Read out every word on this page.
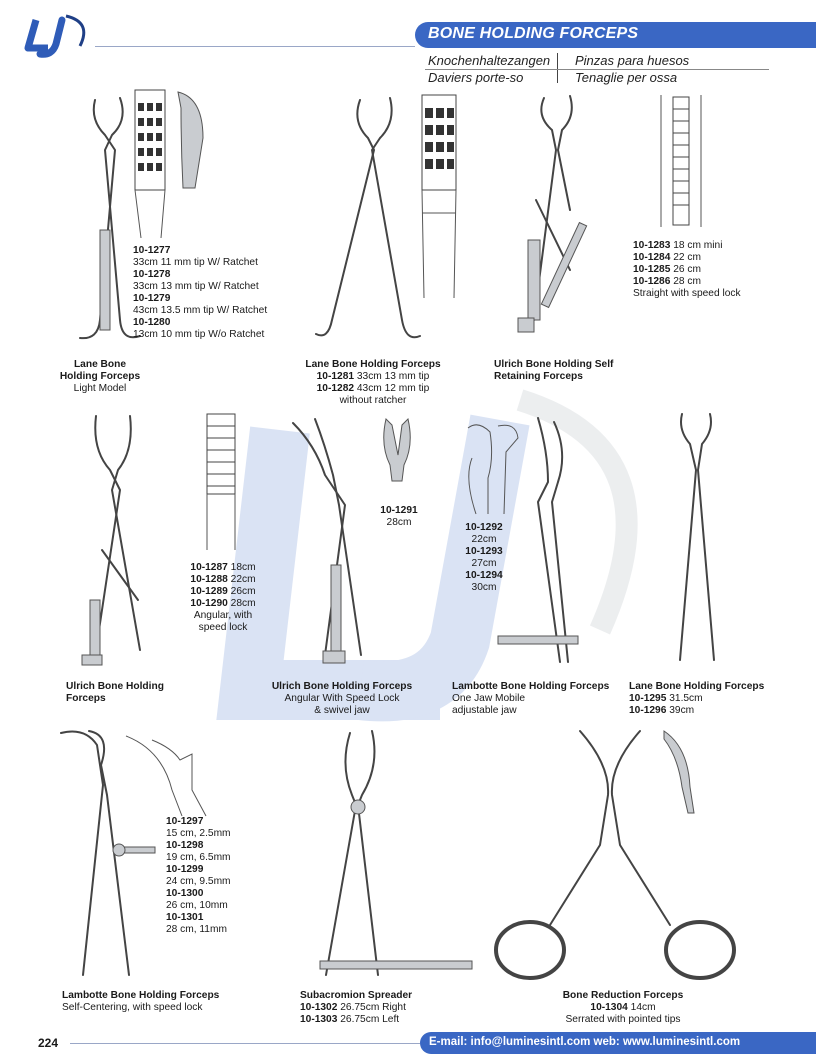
BONE HOLDING FORCEPS
Knochenhaltezangen Pinzas para huesos
Daviers porte-so	Tenaglie per ossa
10-1277
33cm 11 mm tip W/ Ratchet
10-1278
33cm 13 mm tip W/ Ratchet
10-1279
43cm 13.5 mm tip W/ Ratchet
10-1280
13cm 10 mm tip W/o Ratchet
Lane Bone
Holding Forceps
Light Model
Lane Bone Holding Forceps
10-1281 33cm 13 mm tip
10-1282 43cm 12 mm tip
without ratcher
Ulrich Bone Holding Self
Retaining Forceps
10-1283 18 cm mini
10-1284 22 cm
10-1285 26 cm
10-1286 28 cm
Straight with speed lock
10-1287 18cm
10-1288 22cm
10-1289 26cm
10-1290 28cm
Angular, with
speed lock
Ulrich Bone Holding
Forceps
10-1291
28cm
Ulrich Bone Holding Forceps
Angular With Speed Lock
& swivel jaw
10-1292
22cm
10-1293
27cm
10-1294
30cm
Lambotte Bone Holding Forceps
One Jaw Mobile
adjustable jaw
Lane Bone Holding Forceps
10-1295 31.5cm
10-1296 39cm
10-1297
15 cm, 2.5mm
10-1298
19 cm, 6.5mm
10-1299
24 cm, 9.5mm
10-1300
26 cm, 10mm
10-1301
28 cm, 11mm
Lambotte Bone Holding Forceps
Self-Centering, with speed lock
Subacromion Spreader
10-1302 26.75cm Right
10-1303 26.75cm Left
Bone Reduction Forceps
10-1304 14cm
Serrated with pointed tips
224	E-mail: info@luminesintl.com web: www.luminesintl.com
